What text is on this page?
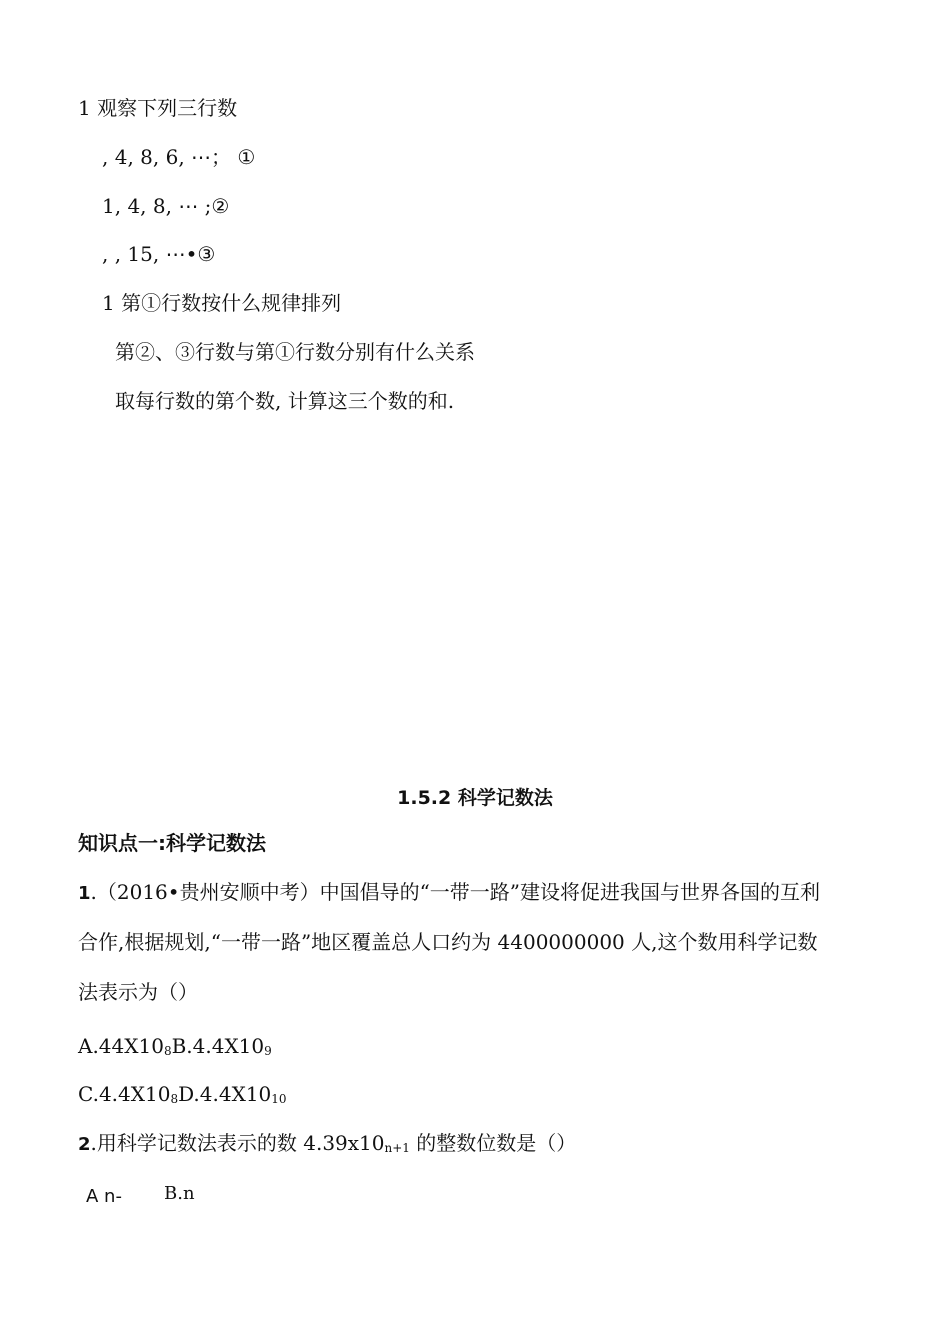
1 观察下列三行数
, 4, 8, 6, ⋯； ①
1, 4, 8, ⋯ ;②
, , 15, ⋯•③
1 第①行数按什么规律排列
第②、③行数与第①行数分别有什么关系
取每行数的第个数, 计算这三个数的和.
1.5.2 科学记数法
知识点一:科学记数法
1.（2016•贵州安顺中考）中国倡导的“一带一路”建设将促进我国与世界各国的互利
合作,根据规划,“一带一路”地区覆盖总人口约为 4400000000 人,这个数用科学记数
法表示为（）
$A.44X10_8B.4.4X10_9$
$C.4.4X10_8D.4.4X10_{10}$
2.用科学记数法表示的数 $4.39x10_{n+1}$ 的整数位数是（）
A n- B.n
